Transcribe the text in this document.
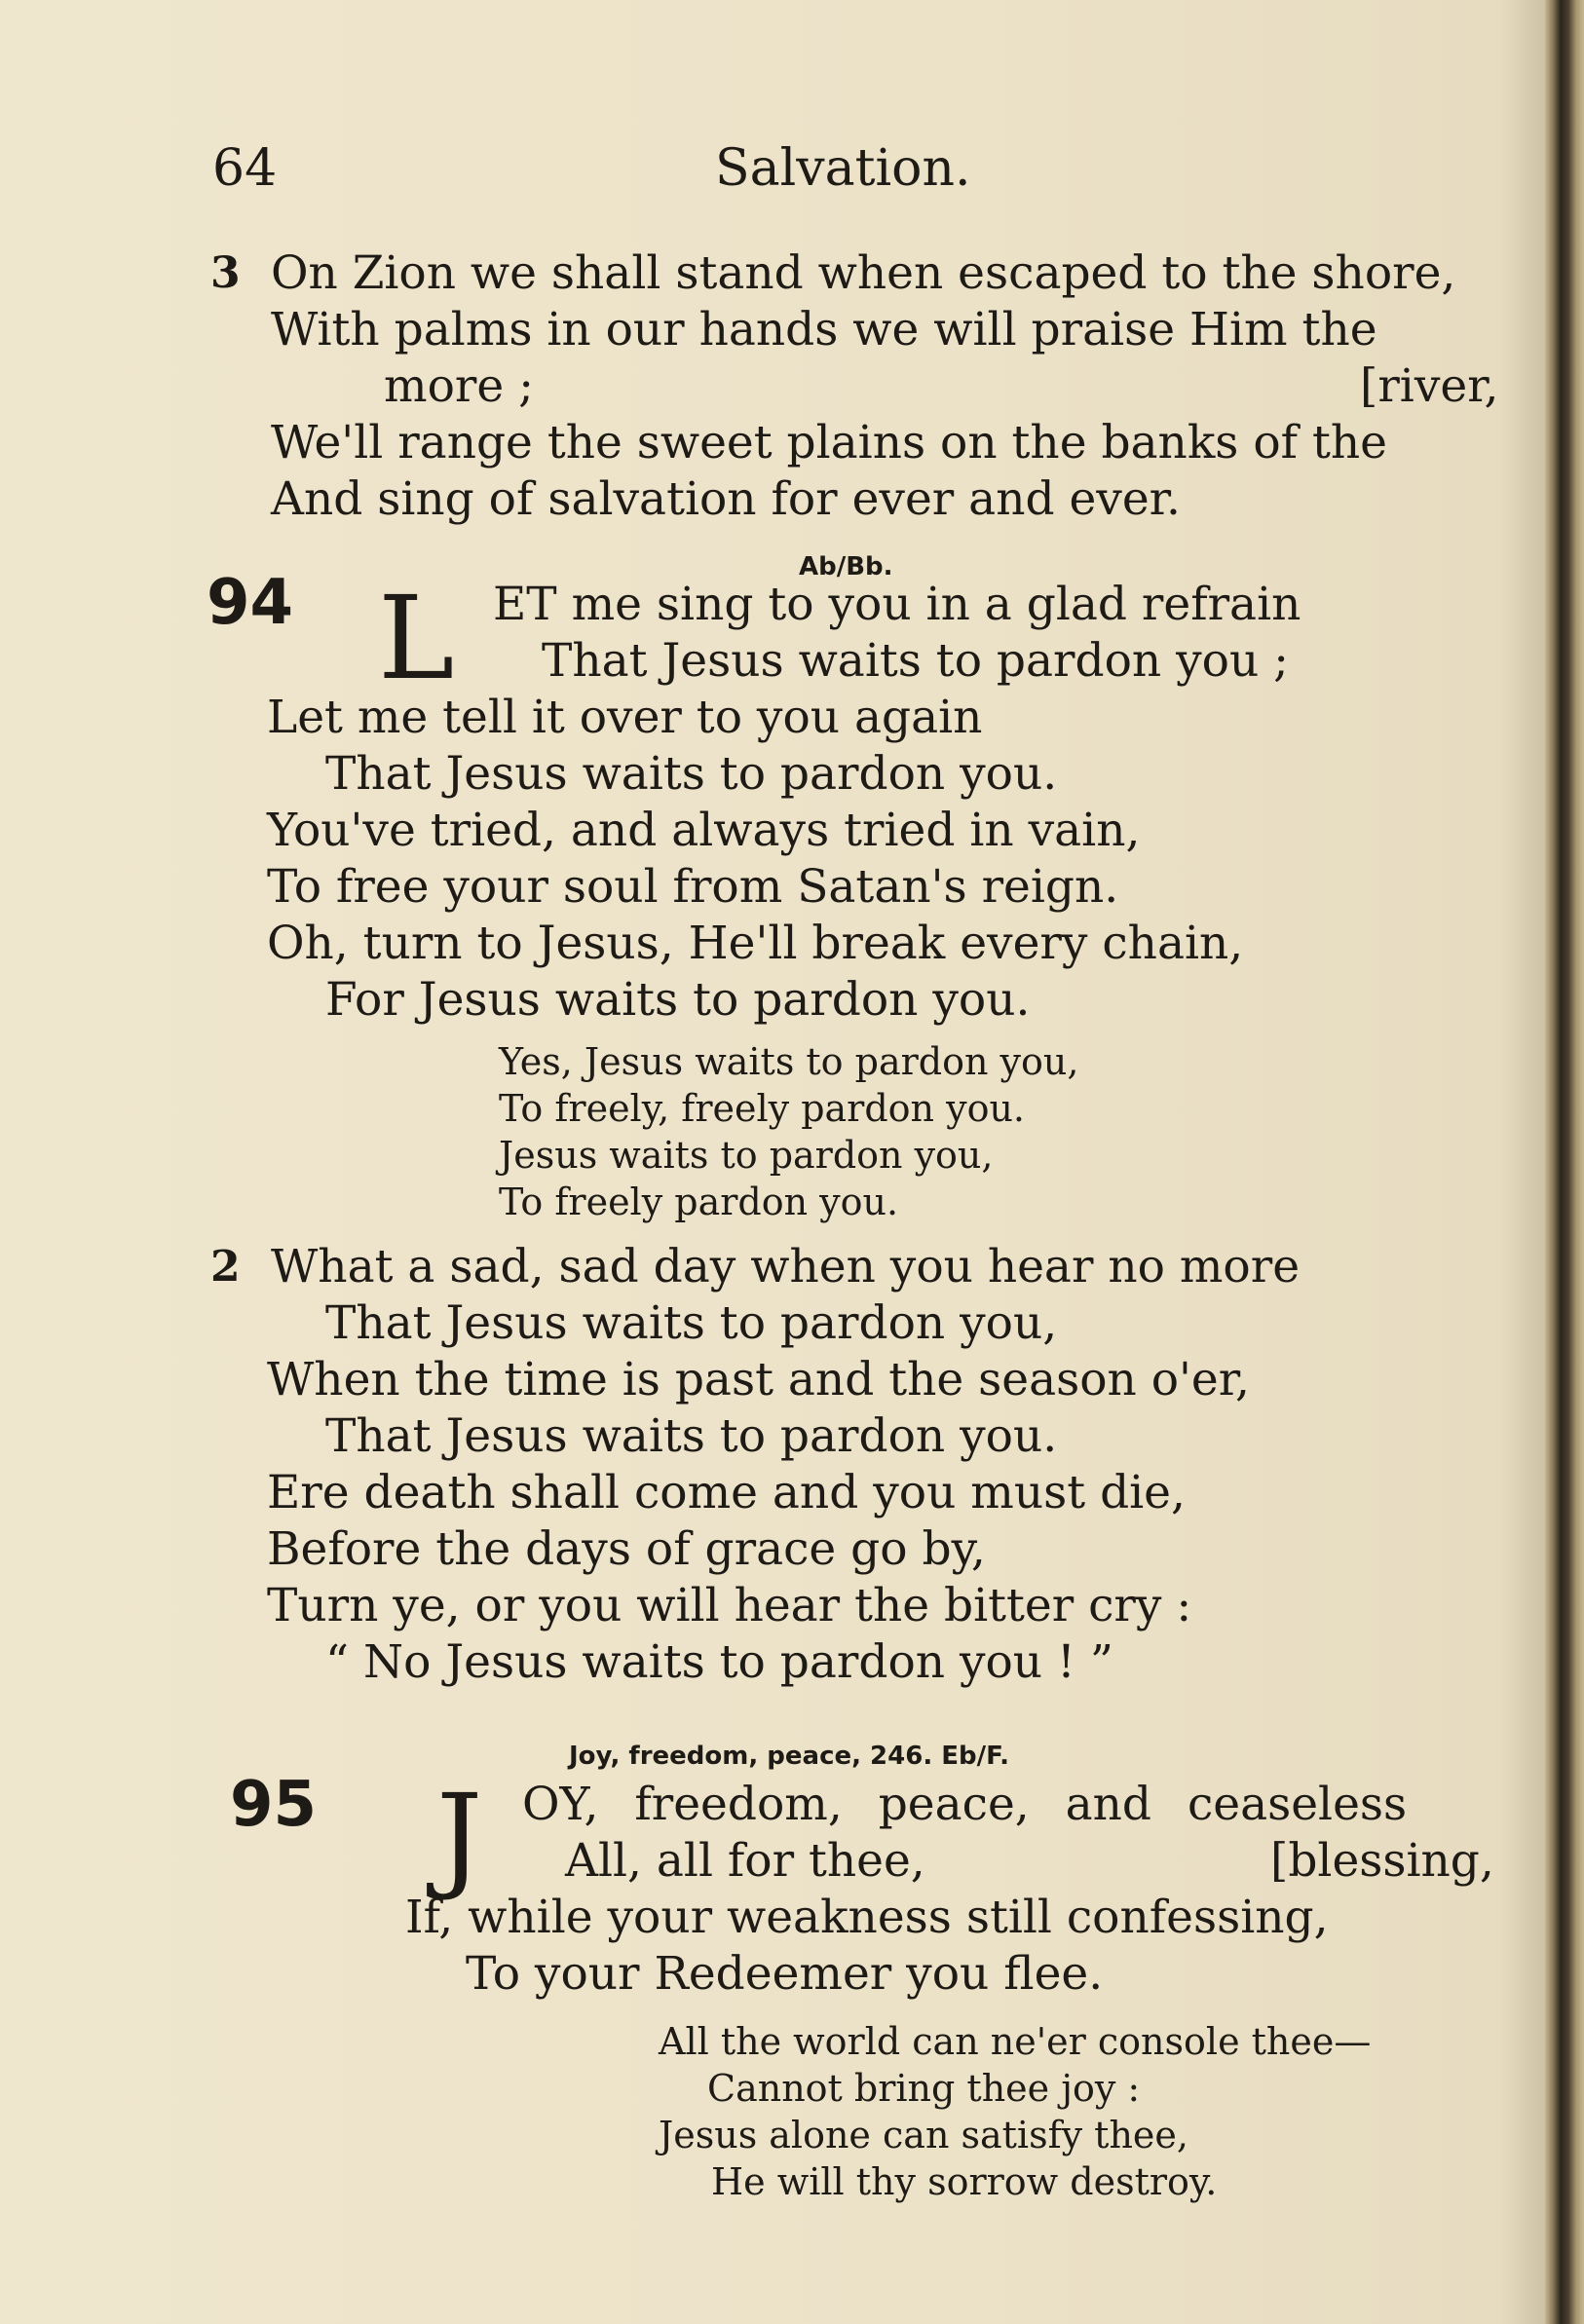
64	Salvation.
3 On Zion we shall stand when escaped to the shore,
With palms in our hands we will praise Him the
more ;	[river,
We'll range the sweet plains on the banks of the
And sing of salvation for ever and ever.
Ab/Bb.
94 L ET me sing to you in a glad refrain
That Jesus waits to pardon you ;
Let me tell it over to you again
That Jesus waits to pardon you.
You've tried, and always tried in vain,
To free your soul from Satan's reign.
Oh, turn to Jesus, He'll break every chain,
For Jesus waits to pardon you.
Yes, Jesus waits to pardon you,
To freely, freely pardon you.
Jesus waits to pardon you,
To freely pardon you.
2 What a sad, sad day when you hear no more
That Jesus waits to pardon you,
When the time is past and the season o'er,
That Jesus waits to pardon you.
Ere death shall come and you must die,
Before the days of grace go by,
Turn ye, or you will hear the bitter cry :
“ No Jesus waits to pardon you ! ”
Joy, freedom, peace, 246. Eb/F.
95 J OY, freedom, peace, and ceaseless
All, all for thee,	[blessing,
If, while your weakness still confessing,
To your Redeemer you flee.
All the world can ne'er console thee—
Cannot bring thee joy :
Jesus alone can satisfy thee,
He will thy sorrow destroy.
